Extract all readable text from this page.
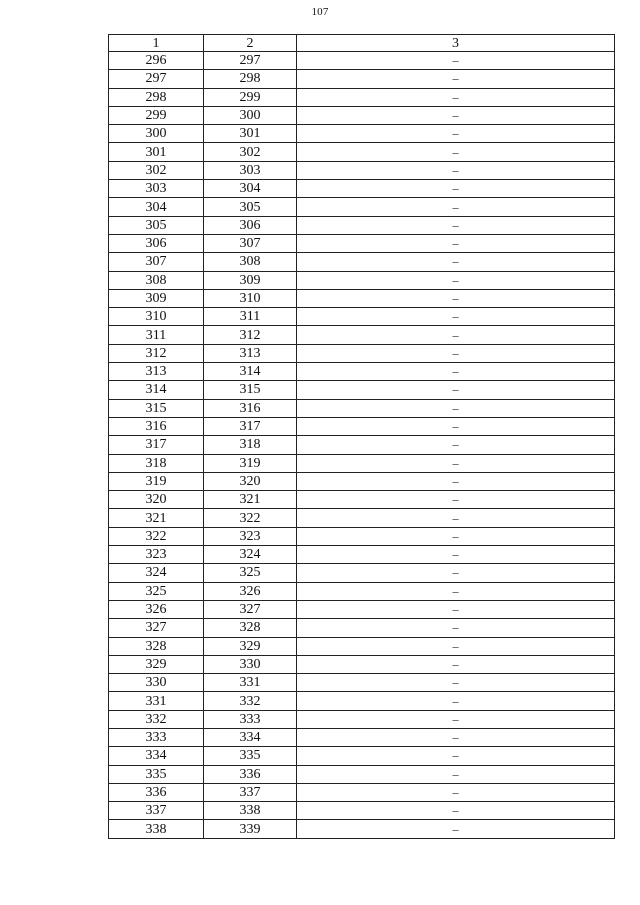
107
1	2	3
296	297	–
297	298	–
298	299	–
299	300	–
300	301	–
301	302	–
302	303	–
303	304	–
304	305	–
305	306	–
306	307	–
307	308	–
308	309	–
309	310	–
310	311	–
311	312	–
312	313	–
313	314	–
314	315	–
315	316	–
316	317	–
317	318	–
318	319	–
319	320	–
320	321	–
321	322	–
322	323	–
323	324	–
324	325	–
325	326	–
326	327	–
327	328	–
328	329	–
329	330	–
330	331	–
331	332	–
332	333	–
333	334	–
334	335	–
335	336	–
336	337	–
337	338	–
338	339	–
